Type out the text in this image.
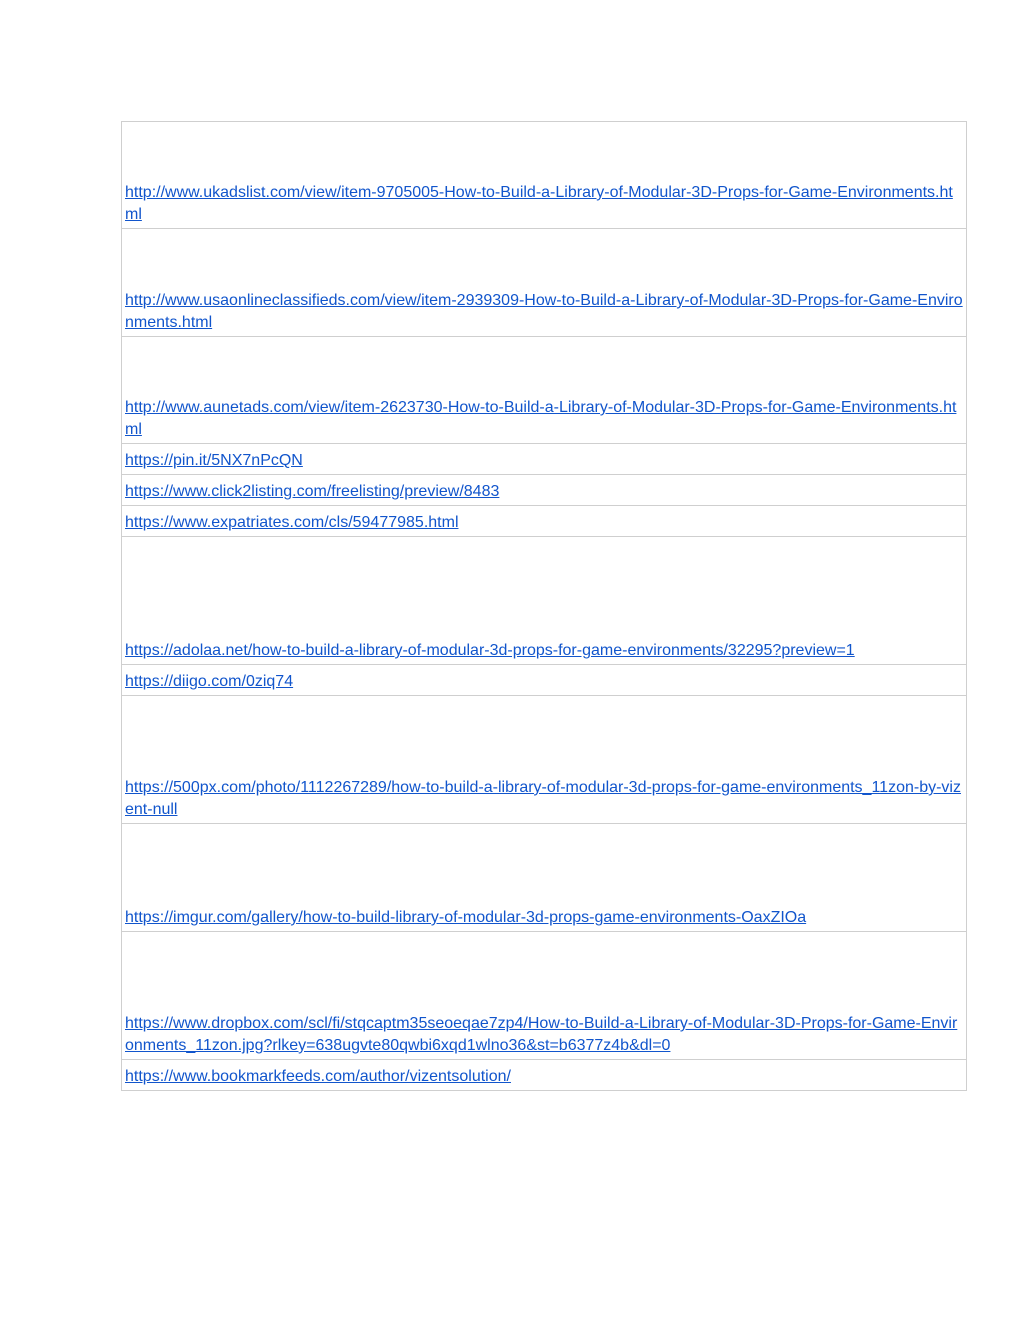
http://www.ukadslist.com/view/item-9705005-How-to-Build-a-Library-of-Modular-3D-Props-for-Game-Environments.html
http://www.usaonlineclassifieds.com/view/item-2939309-How-to-Build-a-Library-of-Modular-3D-Props-for-Game-Environments.html
http://www.aunetads.com/view/item-2623730-How-to-Build-a-Library-of-Modular-3D-Props-for-Game-Environments.html
https://pin.it/5NX7nPcQN
https://www.click2listing.com/freelisting/preview/8483
https://www.expatriates.com/cls/59477985.html
https://adolaa.net/how-to-build-a-library-of-modular-3d-props-for-game-environments/32295?preview=1
https://diigo.com/0ziq74
https://500px.com/photo/1112267289/how-to-build-a-library-of-modular-3d-props-for-game-environments_11zon-by-vizent-null
https://imgur.com/gallery/how-to-build-library-of-modular-3d-props-game-environments-OaxZIOa
https://www.dropbox.com/scl/fi/stqcaptm35seoeqae7zp4/How-to-Build-a-Library-of-Modular-3D-Props-for-Game-Environments_11zon.jpg?rlkey=638ugvte80qwbi6xqd1wlno36&st=b6377z4b&dl=0
https://www.bookmarkfeeds.com/author/vizentsolution/
